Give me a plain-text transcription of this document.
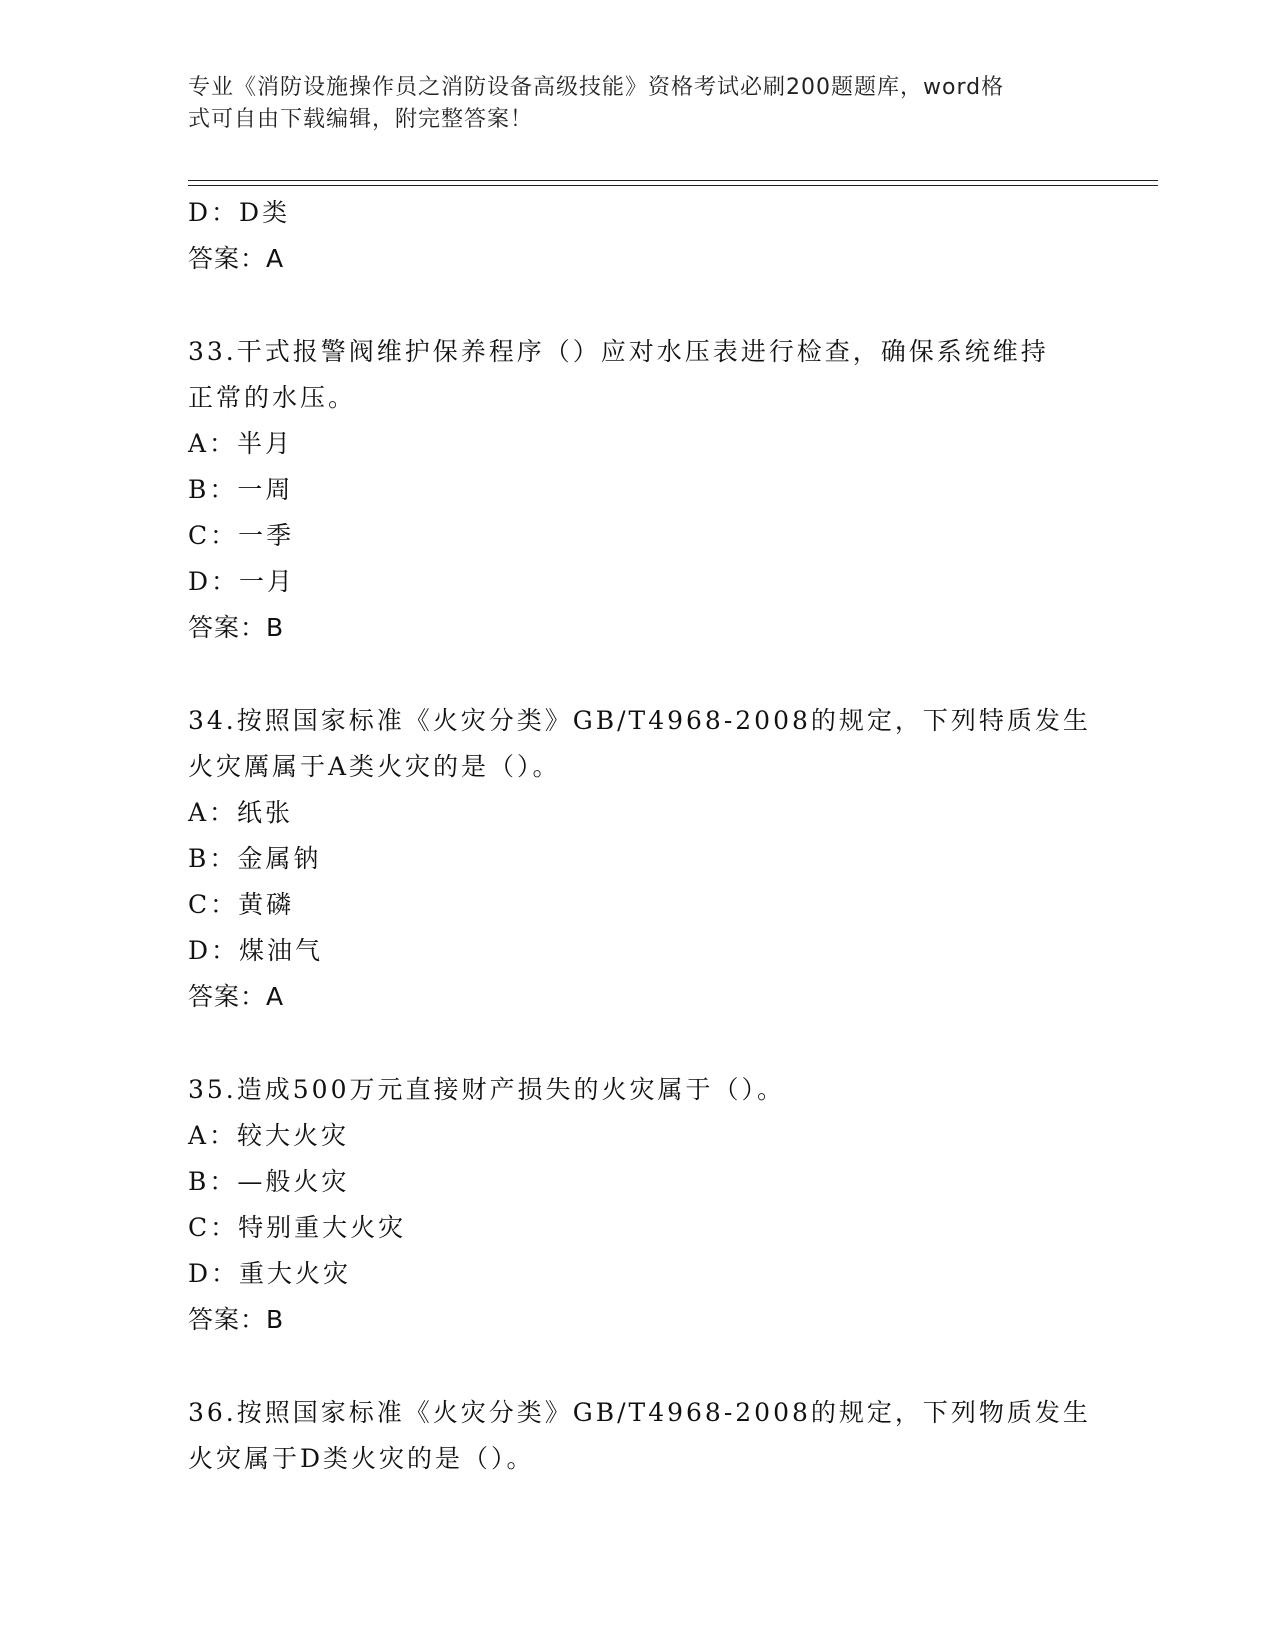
专业《消防设施操作员之消防设备高级技能》资格考试必刷200题题库，word格
式可自由下载编辑，附完整答案！
D：D类
答案：A
33.干式报警阀维护保养程序（）应对水压表进行检查，确保系统维持
正常的水压。
A：半月
B：一周
C：一季
D：一月
答案：B
34.按照国家标准《火灾分类》GB/T4968-2008的规定，下列特质发生
火灾厲属于A类火灾的是（）。
A：纸张
B：金属钠
C：黄磷
D：煤油气
答案：A
35.造成500万元直接财产损失的火灾属于（）。
A：较大火灾
B：—般火灾
C：特别重大火灾
D：重大火灾
答案：B
36.按照国家标准《火灾分类》GB/T4968-2008的规定，下列物质发生
火灾属于D类火灾的是（）。
